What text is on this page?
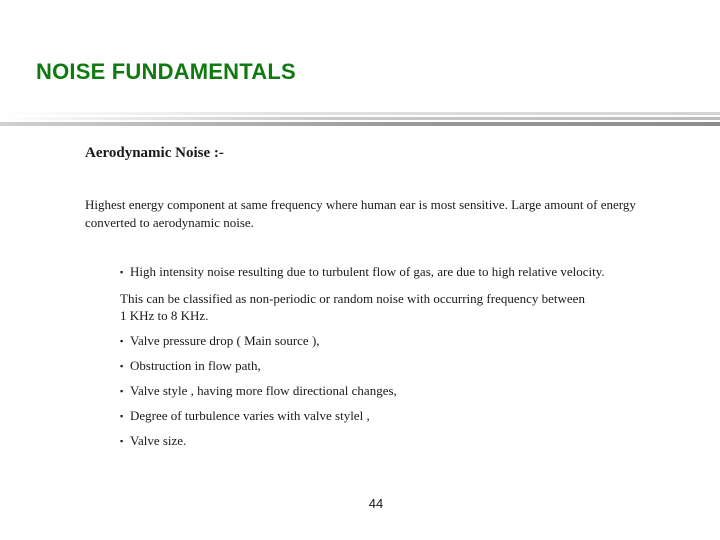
NOISE FUNDAMENTALS
Aerodynamic Noise :-
Highest energy component at same frequency where human ear is most sensitive. Large amount of energy converted to aerodynamic noise.
▪ High intensity noise resulting due to turbulent flow of gas, are due to high relative velocity.
This can be classified as non-periodic or random noise with occurring frequency between
1 KHz to 8 KHz.
▪ Valve pressure drop ( Main source ),
▪ Obstruction in flow path,
▪ Valve style , having more flow directional changes,
▪ Degree of turbulence varies with valve stylel ,
▪ Valve size.
44
